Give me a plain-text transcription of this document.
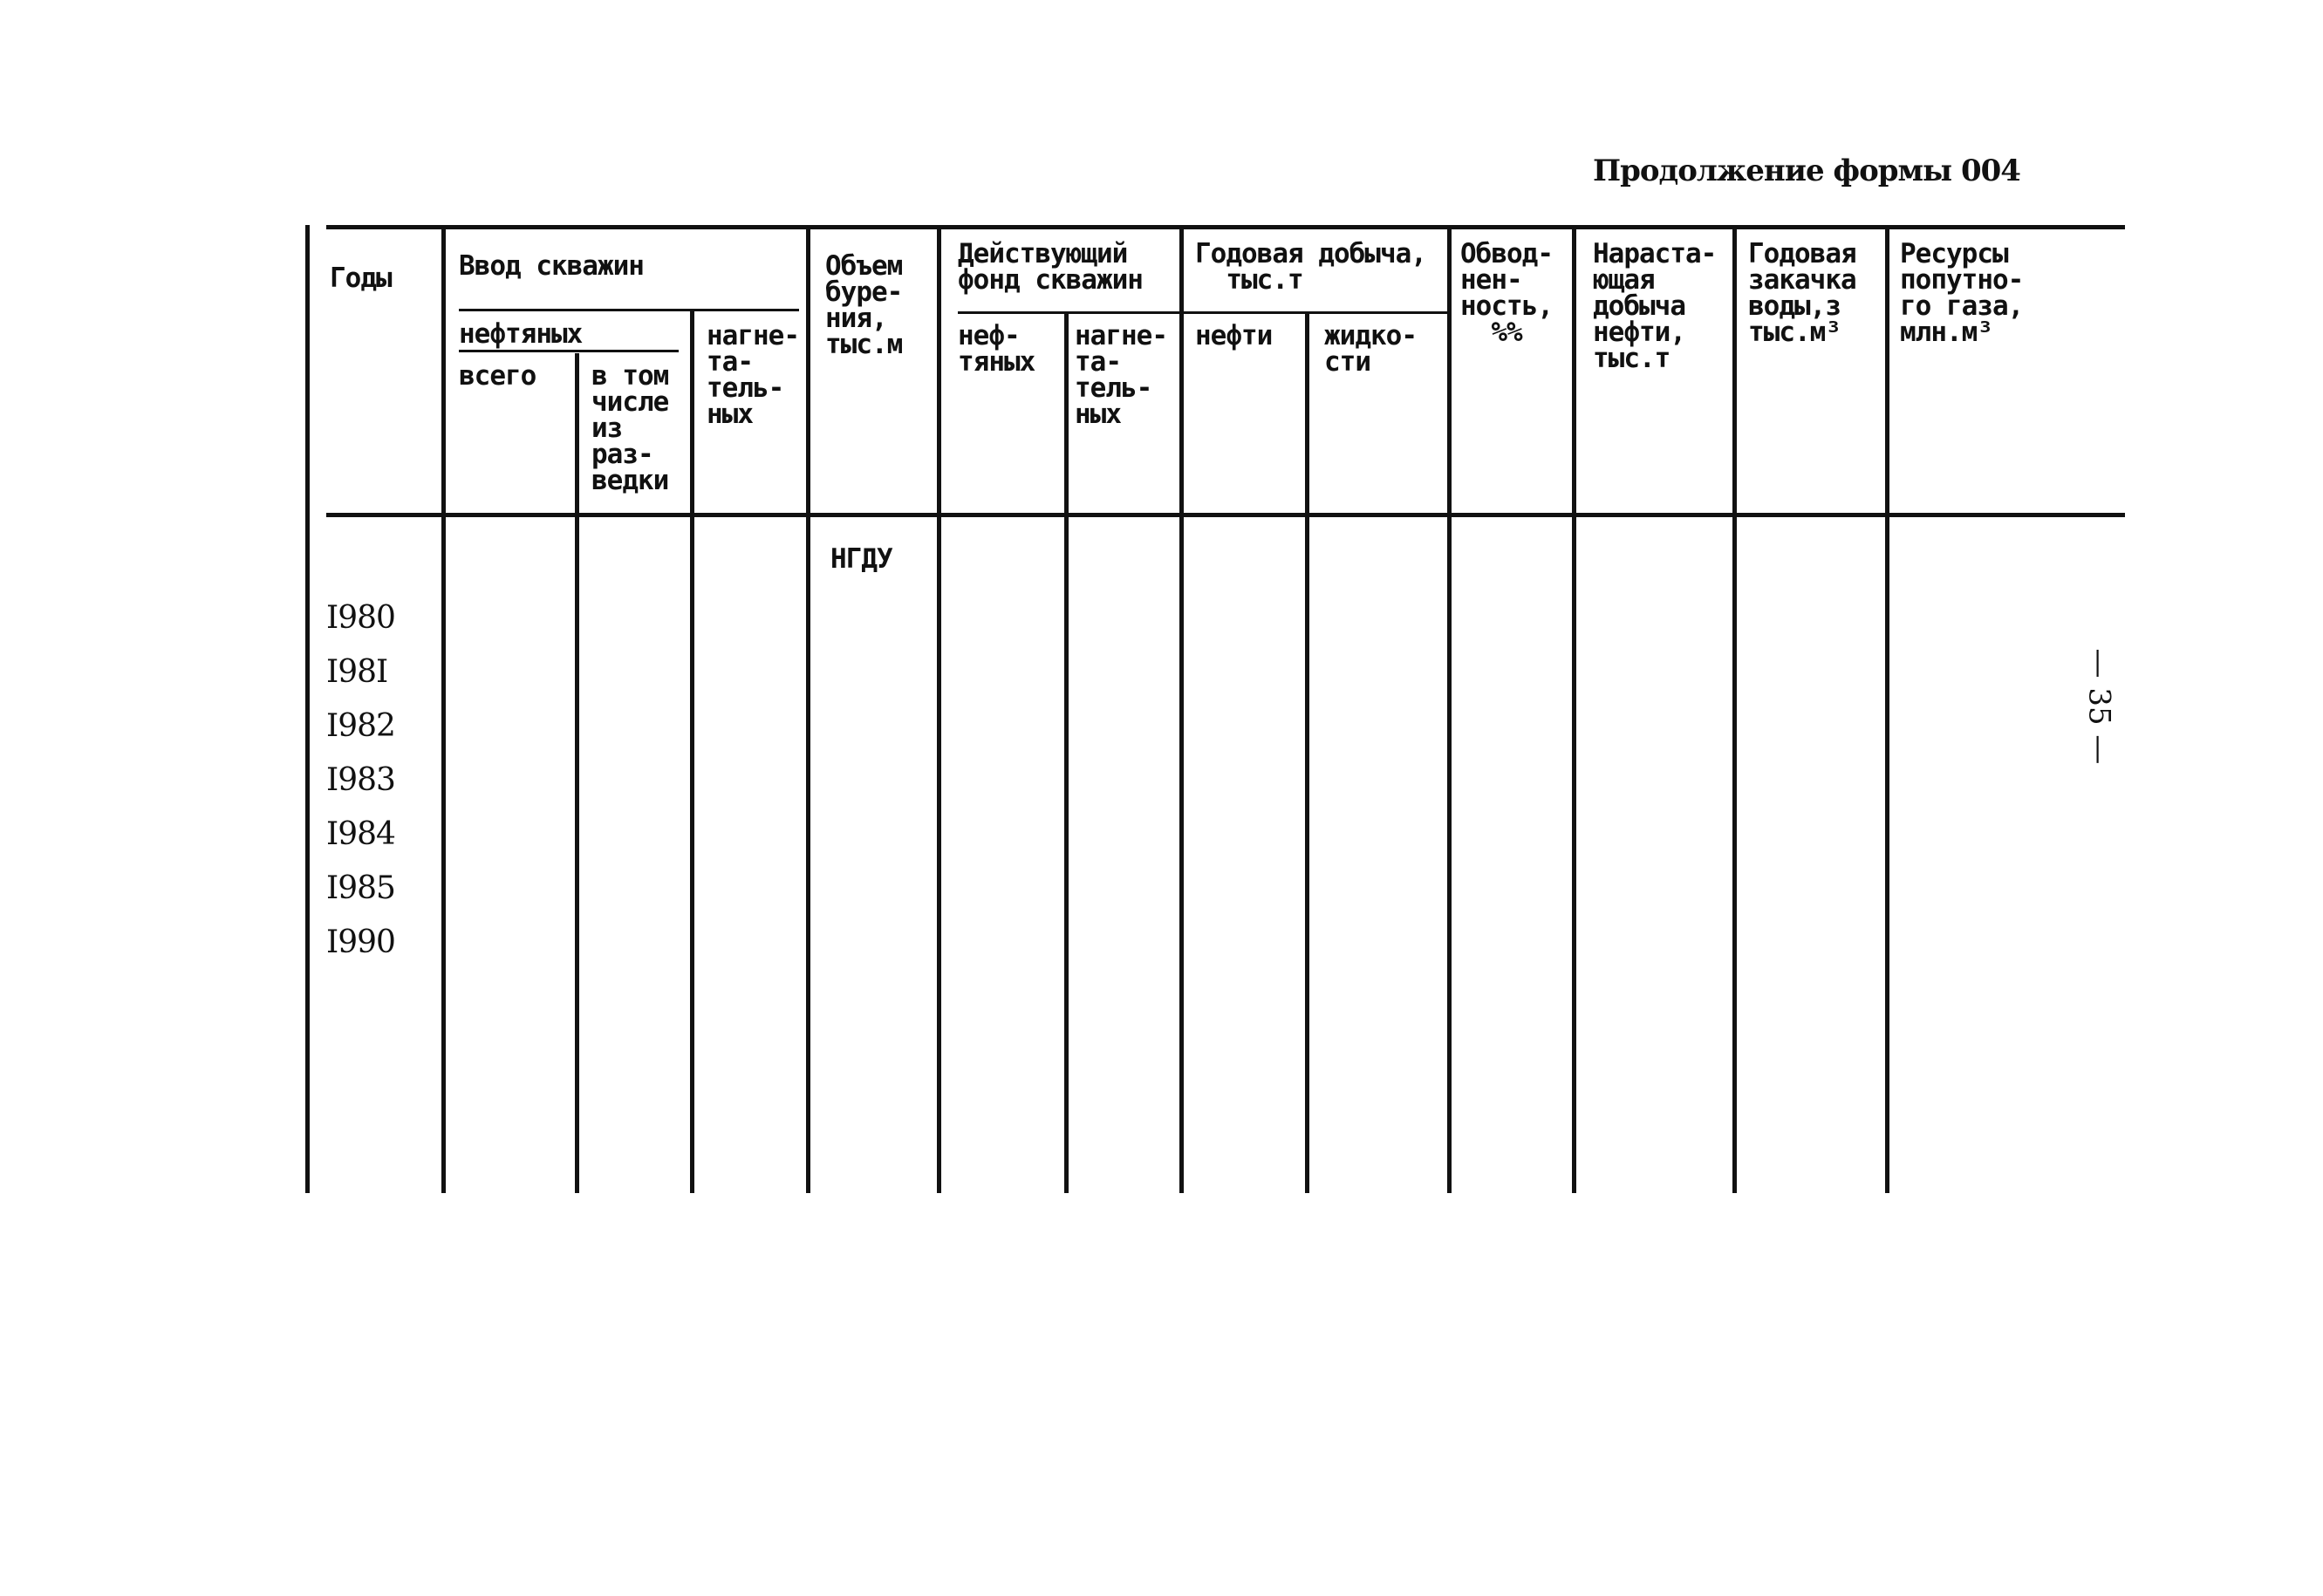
Продолжение формы 004
— 35 —
Годы Ввод скважин
нефтяных
всего в том
числе
из
раз-
ведки
нагне-
та-
тель-
ных
Объем
буре-
ния,
тыс.м
Действующий
фонд скважин
неф-
тяных
нагне-
та-
тель-
ных
Годовая добыча,
тыс.т
нефти жидко-
сти
Обвод-
нен-
ность,
%%
Нараста-
ющая
добыча
нефти,
тыс.т
Годовая
закачка
воды,з
тыс.м³
Ресурсы
попутно-
го газа,
млн.м³
НГДУ
I980
I98I
I982
I983
I984
I985
I990
